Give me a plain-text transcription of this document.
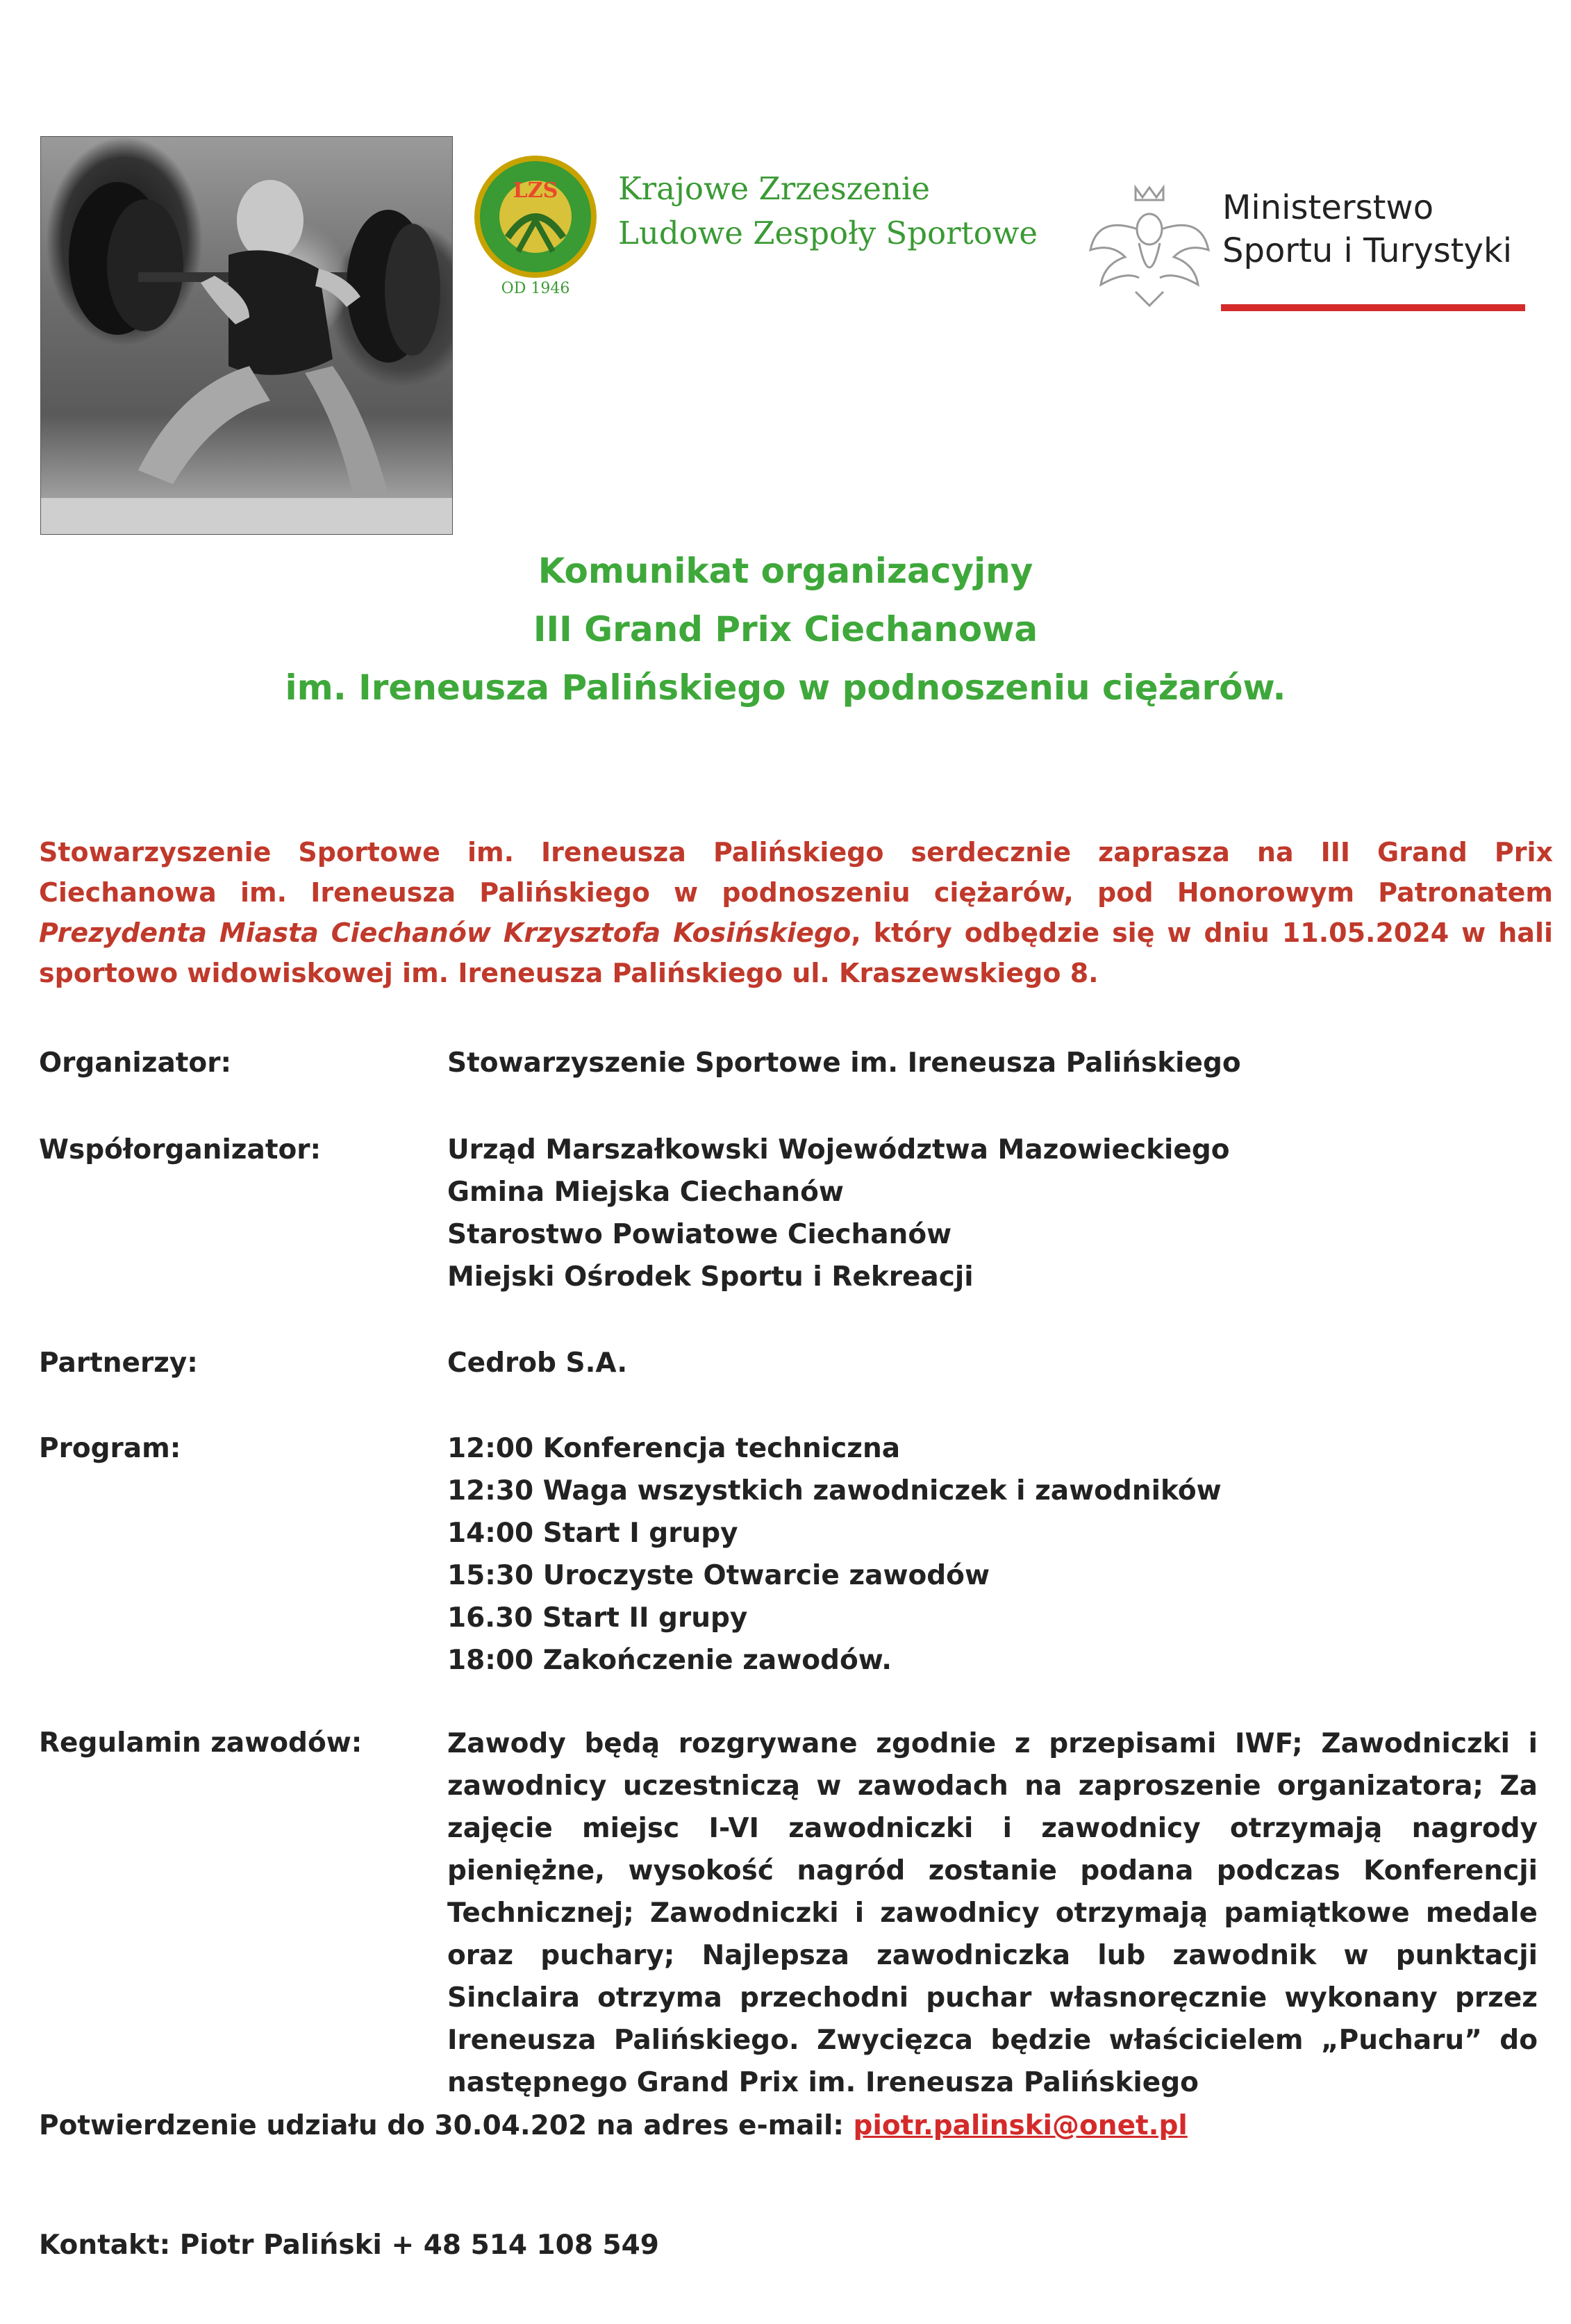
LZS
OD 1946
Krajowe Zrzeszenie
Ludowe Zespoły Sportowe
Ministerstwo
Sportu i Turystyki
Komunikat organizacyjny
III Grand Prix Ciechanowa
im. Ireneusza Palińskiego w podnoszeniu ciężarów.
Stowarzyszenie Sportowe im. Ireneusza Palińskiego serdecznie zaprasza na III Grand Prix Ciechanowa im. Ireneusza Palińskiego w podnoszeniu ciężarów, pod Honorowym Patronatem Prezydenta Miasta Ciechanów Krzysztofa Kosińskiego, który odbędzie się w dniu 11.05.2024 w hali sportowo widowiskowej im. Ireneusza Palińskiego ul. Kraszewskiego 8.
Organizator:	Stowarzyszenie Sportowe im. Ireneusza Palińskiego
Współorganizator:	Urząd Marszałkowski Województwa Mazowieckiego
Gmina Miejska Ciechanów
Starostwo Powiatowe Ciechanów
Miejski Ośrodek Sportu i Rekreacji
Partnerzy:	Cedrob S.A.
Program:	12:00 Konferencja techniczna
12:30 Waga wszystkich zawodniczek i zawodników
14:00 Start I grupy
15:30 Uroczyste Otwarcie zawodów
16.30 Start II grupy
18:00 Zakończenie zawodów.
Regulamin zawodów:	Zawody będą rozgrywane zgodnie z przepisami IWF; Zawodniczki i zawodnicy uczestniczą w zawodach na zaproszenie organizatora; Za zajęcie miejsc I-VI zawodniczki i zawodnicy otrzymają nagrody pieniężne, wysokość nagród zostanie podana podczas Konferencji Technicznej; Zawodniczki i zawodnicy otrzymają pamiątkowe medale oraz puchary; Najlepsza zawodniczka lub zawodnik w punktacji Sinclaira otrzyma przechodni puchar własnoręcznie wykonany przez Ireneusza Palińskiego. Zwycięzca będzie właścicielem „Pucharu” do następnego Grand Prix im. Ireneusza Palińskiego
Potwierdzenie udziału do 30.04.202 na adres e-mail: piotr.palinski@onet.pl
Kontakt: Piotr Paliński + 48 514 108 549
